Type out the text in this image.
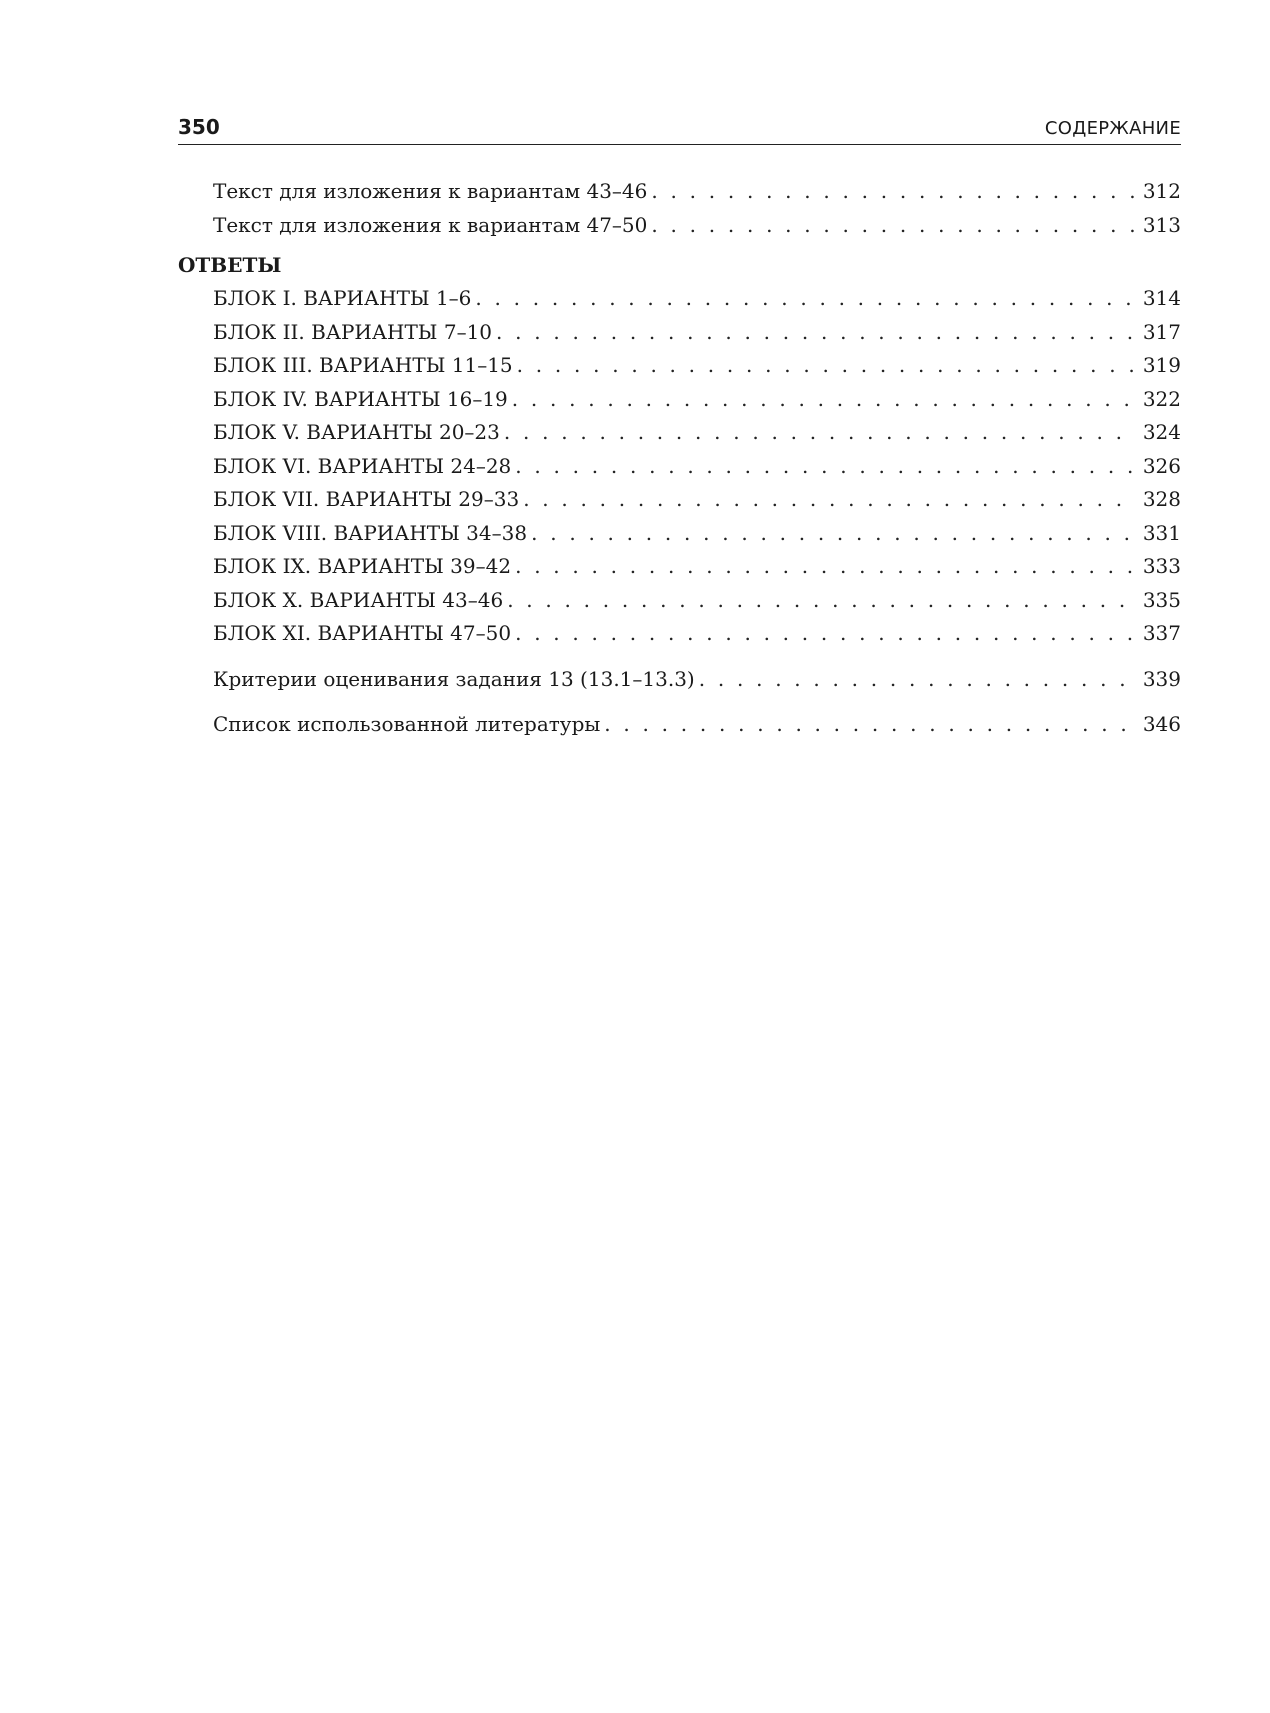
350	СОДЕРЖАНИЕ
Текст для изложения к вариантам 43–46 . . .	312
Текст для изложения к вариантам 47–50 . . .	313
ОТВЕТЫ
БЛОК I. ВАРИАНТЫ 1–6 . . .	314
БЛОК II. ВАРИАНТЫ 7–10 . . .	317
БЛОК III. ВАРИАНТЫ 11–15 . . .	319
БЛОК IV. ВАРИАНТЫ 16–19 . . .	322
БЛОК V. ВАРИАНТЫ 20–23 . . .	324
БЛОК VI. ВАРИАНТЫ 24–28 . . .	326
БЛОК VII. ВАРИАНТЫ 29–33 . . .	328
БЛОК VIII. ВАРИАНТЫ 34–38 . . .	331
БЛОК IX. ВАРИАНТЫ 39–42 . . .	333
БЛОК X. ВАРИАНТЫ 43–46 . . .	335
БЛОК XI. ВАРИАНТЫ 47–50 . . .	337
Критерии оценивания задания 13 (13.1–13.3) . . .	339
Список использованной литературы . . .	346
